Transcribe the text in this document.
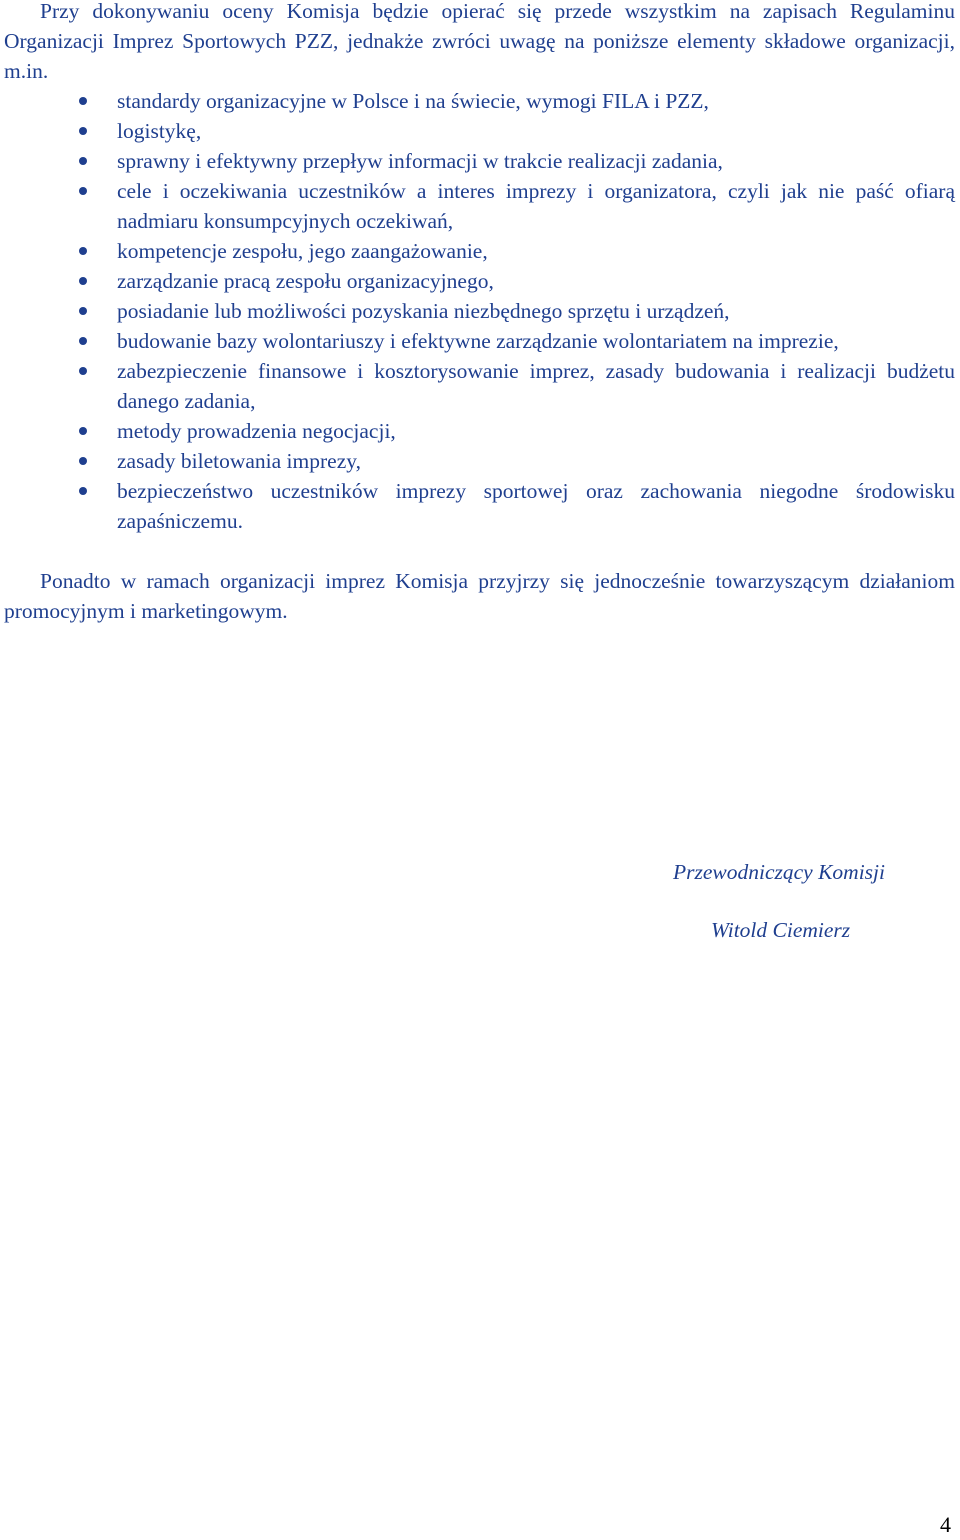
Przy dokonywaniu oceny Komisja będzie opierać się przede wszystkim na zapisach Regulaminu Organizacji Imprez Sportowych PZZ, jednakże zwróci uwagę na poniższe elementy składowe organizacji, m.in.

standardy organizacyjne w Polsce i na świecie, wymogi FILA i PZZ,
logistykę,
sprawny i efektywny przepływ informacji w trakcie realizacji zadania,
cele i oczekiwania uczestników a interes imprezy i organizatora, czyli jak nie paść ofiarą nadmiaru konsumpcyjnych oczekiwań,
kompetencje zespołu, jego zaangażowanie,
zarządzanie pracą zespołu organizacyjnego,
posiadanie lub możliwości pozyskania niezbędnego sprzętu i urządzeń,
budowanie bazy wolontariuszy i efektywne zarządzanie wolontariatem na imprezie,
zabezpieczenie finansowe i kosztorysowanie imprez, zasady budowania i realizacji budżetu danego zadania,
metody prowadzenia negocjacji,
zasady biletowania imprezy,
bezpieczeństwo uczestników imprezy sportowej oraz zachowania niegodne środowisku zapaśniczemu.

Ponadto w ramach organizacji imprez Komisja przyjrzy się jednocześnie towarzyszącym działaniom promocyjnym i marketingowym.

Przewodniczący Komisji
Witold Ciemierz
4
